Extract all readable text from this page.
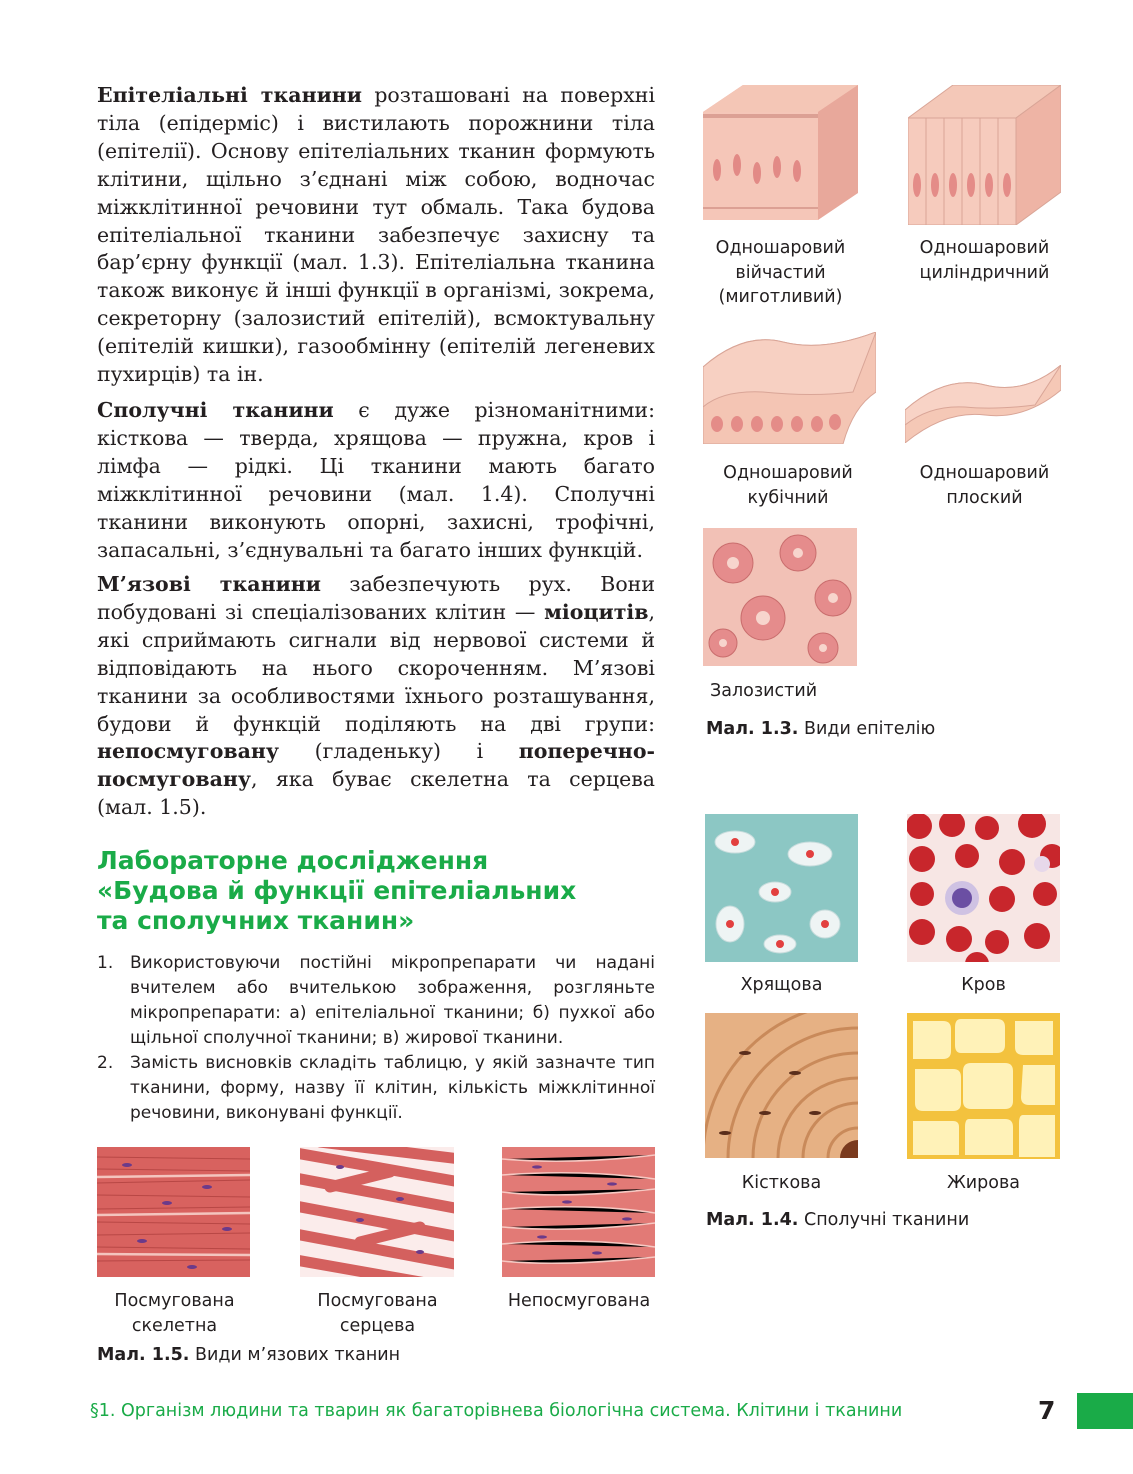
Епітеліальні тканини розташовані на поверхні тіла (епідерміс) і вистилають порожнини тіла (епітелії). Основу епітеліальних тканин формують клітини, щільно з’єднані між собою, водночас міжклітинної речовини тут обмаль. Така будова епітеліальної тканини забезпечує захисну та бар’єрну функції (мал. 1.3). Епітеліальна тканина також виконує й інші функції в організмі, зокрема, секреторну (залозистий епітелій), всмоктувальну (епітелій кишки), газообмінну (епітелій легеневих пухирців) та ін.
Сполучні тканини є дуже різноманітними: кісткова — тверда, хрящова — пружна, кров і лімфа — рідкі. Ці тканини мають багато міжклітинної речовини (мал. 1.4). Сполучні тканини виконують опорні, захисні, трофічні, запасальні, з’єднувальні та багато інших функцій.
М’язові тканини забезпечують рух. Вони побудовані зі спеціалізованих клітин — міоцитів, які сприймають сигнали від нервової системи й відповідають на нього скороченням. М’язові тканини за особливостями їхнього розташування, будови й функцій поділяють на дві групи: непосмуговану (гладеньку) і поперечно-посмуговану, яка буває скелетна та серцева (мал. 1.5).
Лабораторне дослідження
«Будова й функції епітеліальних
та сполучних тканин»
1. Використовуючи постійні мікропрепарати чи надані вчителем або вчителькою зображення, розгляньте мікропрепарати: а) епітеліальної тканини; б) пухкої або щільної сполучної тканини; в) жирової тканини.
2. Замість висновків складіть таблицю, у якій зазначте тип тканини, форму, назву її клітин, кількість міжклітинної речовини, виконувані функції.
Посмугована
скелетна
Посмугована
серцева
Непосмугована
Мал. 1.5. Види м’язових тканин
Одношаровий
війчастий
(миготливий)
Одношаровий
циліндричний
Одношаровий
кубічний
Одношаровий
плоский
Залозистий
Мал. 1.3. Види епітелію
Хрящова	Кров
Кісткова	Жирова
Мал. 1.4. Сполучні тканини
§1. Організм людини та тварин як багаторівнева біологічна система. Клітини і тканини	7
